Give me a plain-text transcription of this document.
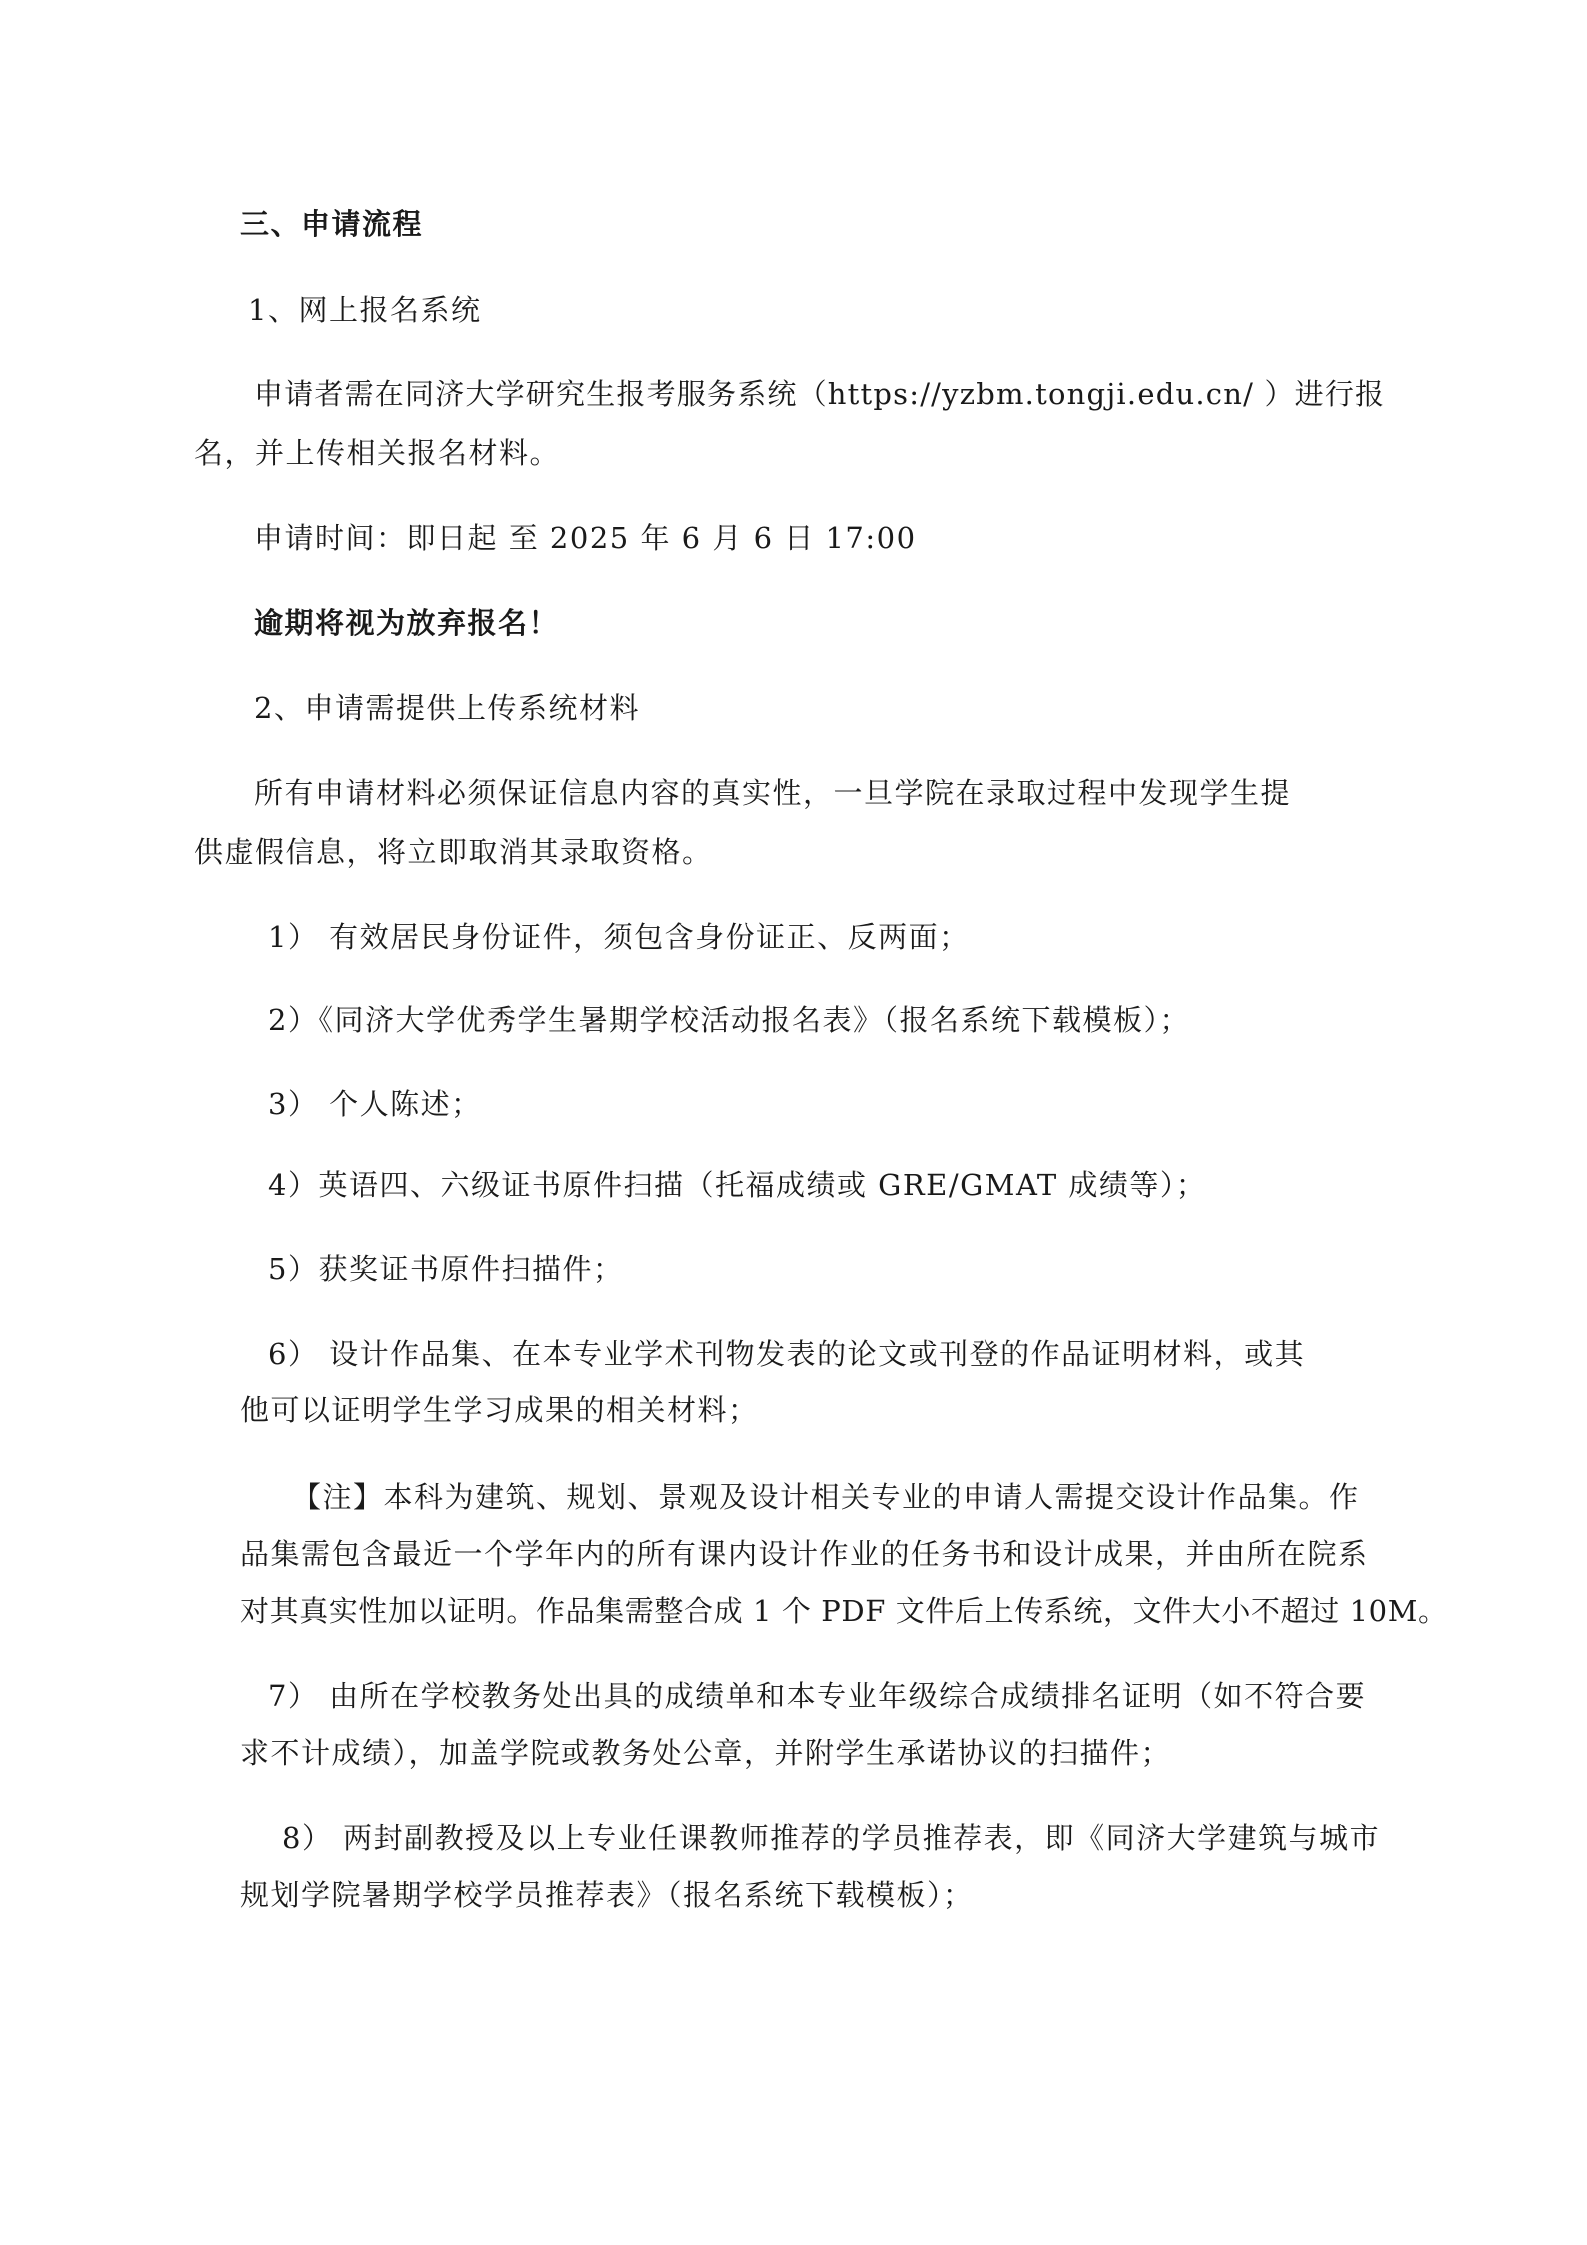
三、申请流程
1、网上报名系统
申请者需在同济大学研究生报考服务系统（https://yzbm.tongji.edu.cn/ ）进行报
名，并上传相关报名材料。
申请时间：即日起 至 2025 年 6 月 6 日 17:00
逾期将视为放弃报名！
2、申请需提供上传系统材料
所有申请材料必须保证信息内容的真实性，一旦学院在录取过程中发现学生提
供虚假信息，将立即取消其录取资格。
1） 有效居民身份证件，须包含身份证正、反两面；
2）《同济大学优秀学生暑期学校活动报名表》（报名系统下载模板）；
3） 个人陈述；
4）英语四、六级证书原件扫描（托福成绩或 GRE/GMAT 成绩等）；
5）获奖证书原件扫描件；
6） 设计作品集、在本专业学术刊物发表的论文或刊登的作品证明材料，或其
他可以证明学生学习成果的相关材料；
【注】本科为建筑、规划、景观及设计相关专业的申请人需提交设计作品集。作
品集需包含最近一个学年内的所有课内设计作业的任务书和设计成果，并由所在院系
对其真实性加以证明。作品集需整合成 1 个 PDF 文件后上传系统，文件大小不超过 10M。
7） 由所在学校教务处出具的成绩单和本专业年级综合成绩排名证明（如不符合要
求不计成绩），加盖学院或教务处公章，并附学生承诺协议的扫描件；
8） 两封副教授及以上专业任课教师推荐的学员推荐表，即《同济大学建筑与城市
规划学院暑期学校学员推荐表》（报名系统下载模板）；
